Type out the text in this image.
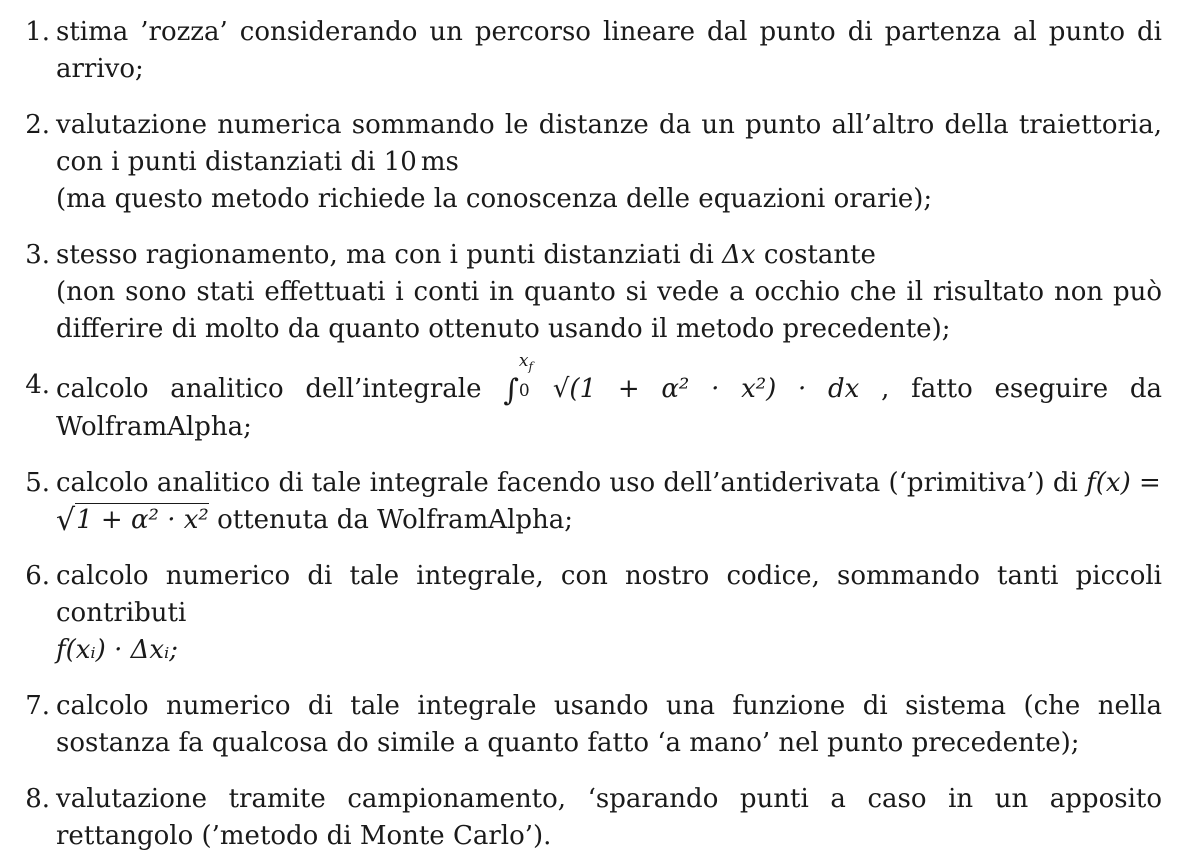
1. stima ’rozza’ considerando un percorso lineare dal punto di partenza al punto di arrivo;
2. valutazione numerica sommando le distanze da un punto all’altro della traiettoria, con i punti distanziati di 10 ms
(ma questo metodo richiede la conoscenza delle equazioni orarie);
3. stesso ragionamento, ma con i punti distanziati di Δx costante
(non sono stati effettuati i conti in quanto si vede a occhio che il risultato non può differire di molto da quanto ottenuto usando il metodo precedente);
4. calcolo analitico dell’integrale ∫
$x_f$
0 √(1 + α² · x²) · dx , fatto eseguire da WolframAlpha;
5. calcolo analitico di tale integrale facendo uso dell’antiderivata (‘primitiva’) di f(x) =
√1 + α² · x² ottenuta da WolframAlpha;
6. calcolo numerico di tale integrale, con nostro codice, sommando tanti piccoli contributi
f(xᵢ) · Δxᵢ;
7. calcolo numerico di tale integrale usando una funzione di sistema (che nella sostanza fa qualcosa do simile a quanto fatto ‘a mano’ nel punto precedente);
8. valutazione tramite campionamento, ‘sparando punti a caso in un apposito rettangolo (’metodo di Monte Carlo’).
